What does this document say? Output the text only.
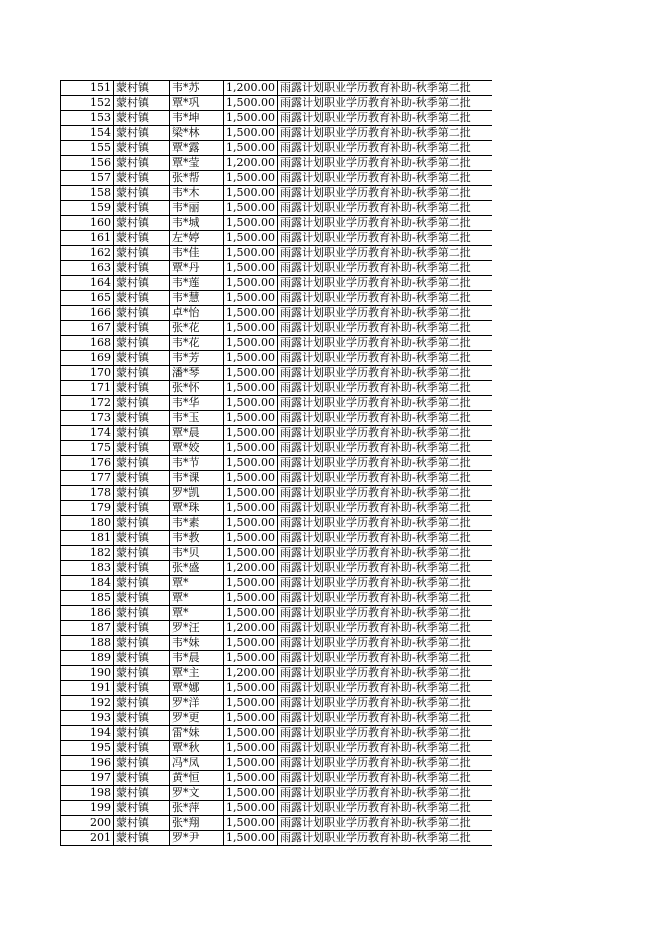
151	蒙村镇	韦*苏	1,200.00	雨露计划职业学历教育补助-秋季第二批
152	蒙村镇	覃*巩	1,500.00	雨露计划职业学历教育补助-秋季第二批
153	蒙村镇	韦*坤	1,500.00	雨露计划职业学历教育补助-秋季第二批
154	蒙村镇	梁*林	1,500.00	雨露计划职业学历教育补助-秋季第二批
155	蒙村镇	覃*露	1,500.00	雨露计划职业学历教育补助-秋季第二批
156	蒙村镇	覃*莹	1,200.00	雨露计划职业学历教育补助-秋季第二批
157	蒙村镇	张*帮	1,500.00	雨露计划职业学历教育补助-秋季第二批
158	蒙村镇	韦*木	1,500.00	雨露计划职业学历教育补助-秋季第二批
159	蒙村镇	韦*丽	1,500.00	雨露计划职业学历教育补助-秋季第二批
160	蒙村镇	韦*城	1,500.00	雨露计划职业学历教育补助-秋季第二批
161	蒙村镇	左*婷	1,500.00	雨露计划职业学历教育补助-秋季第二批
162	蒙村镇	韦*佳	1,500.00	雨露计划职业学历教育补助-秋季第二批
163	蒙村镇	覃*丹	1,500.00	雨露计划职业学历教育补助-秋季第二批
164	蒙村镇	韦*莲	1,500.00	雨露计划职业学历教育补助-秋季第二批
165	蒙村镇	韦*慧	1,500.00	雨露计划职业学历教育补助-秋季第二批
166	蒙村镇	卓*怡	1,500.00	雨露计划职业学历教育补助-秋季第二批
167	蒙村镇	张*花	1,500.00	雨露计划职业学历教育补助-秋季第二批
168	蒙村镇	韦*花	1,500.00	雨露计划职业学历教育补助-秋季第二批
169	蒙村镇	韦*芳	1,500.00	雨露计划职业学历教育补助-秋季第二批
170	蒙村镇	潘*琴	1,500.00	雨露计划职业学历教育补助-秋季第二批
171	蒙村镇	张*怀	1,500.00	雨露计划职业学历教育补助-秋季第二批
172	蒙村镇	韦*华	1,500.00	雨露计划职业学历教育补助-秋季第二批
173	蒙村镇	韦*玉	1,500.00	雨露计划职业学历教育补助-秋季第二批
174	蒙村镇	覃*晨	1,500.00	雨露计划职业学历教育补助-秋季第二批
175	蒙村镇	覃*姣	1,500.00	雨露计划职业学历教育补助-秋季第二批
176	蒙村镇	韦*节	1,500.00	雨露计划职业学历教育补助-秋季第二批
177	蒙村镇	韦*课	1,500.00	雨露计划职业学历教育补助-秋季第二批
178	蒙村镇	罗*凯	1,500.00	雨露计划职业学历教育补助-秋季第二批
179	蒙村镇	覃*珠	1,500.00	雨露计划职业学历教育补助-秋季第二批
180	蒙村镇	韦*素	1,500.00	雨露计划职业学历教育补助-秋季第二批
181	蒙村镇	韦*教	1,500.00	雨露计划职业学历教育补助-秋季第二批
182	蒙村镇	韦*贝	1,500.00	雨露计划职业学历教育补助-秋季第二批
183	蒙村镇	张*盛	1,200.00	雨露计划职业学历教育补助-秋季第二批
184	蒙村镇	覃*	1,500.00	雨露计划职业学历教育补助-秋季第二批
185	蒙村镇	覃*	1,500.00	雨露计划职业学历教育补助-秋季第二批
186	蒙村镇	覃*	1,500.00	雨露计划职业学历教育补助-秋季第二批
187	蒙村镇	罗*汪	1,200.00	雨露计划职业学历教育补助-秋季第二批
188	蒙村镇	韦*妹	1,500.00	雨露计划职业学历教育补助-秋季第二批
189	蒙村镇	韦*晨	1,500.00	雨露计划职业学历教育补助-秋季第二批
190	蒙村镇	覃*主	1,200.00	雨露计划职业学历教育补助-秋季第二批
191	蒙村镇	覃*娜	1,500.00	雨露计划职业学历教育补助-秋季第二批
192	蒙村镇	罗*洋	1,500.00	雨露计划职业学历教育补助-秋季第二批
193	蒙村镇	罗*更	1,500.00	雨露计划职业学历教育补助-秋季第二批
194	蒙村镇	雷*妹	1,500.00	雨露计划职业学历教育补助-秋季第二批
195	蒙村镇	覃*秋	1,500.00	雨露计划职业学历教育补助-秋季第二批
196	蒙村镇	冯*凤	1,500.00	雨露计划职业学历教育补助-秋季第二批
197	蒙村镇	黄*恒	1,500.00	雨露计划职业学历教育补助-秋季第二批
198	蒙村镇	罗*文	1,500.00	雨露计划职业学历教育补助-秋季第二批
199	蒙村镇	张*萍	1,500.00	雨露计划职业学历教育补助-秋季第二批
200	蒙村镇	张*翔	1,500.00	雨露计划职业学历教育补助-秋季第二批
201	蒙村镇	罗*尹	1,500.00	雨露计划职业学历教育补助-秋季第二批
